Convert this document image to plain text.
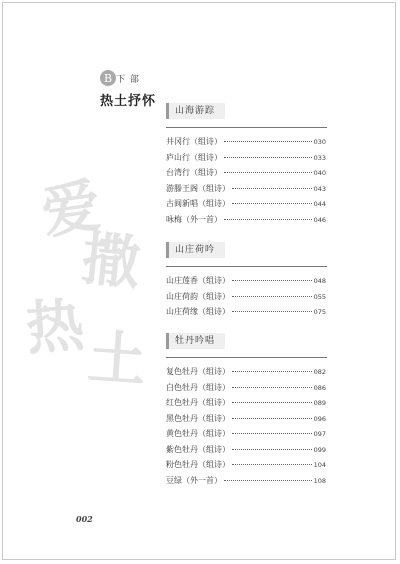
B 下 部
热土抒怀
爱
撒
热 土
山海游踪
井冈行（组诗）	030
庐山行（组诗）	033
台湾行（组诗）	040
游滕王阁（组诗）	043
古阆新唱（组诗）	044
咏梅（外一首）	046
山庄荷吟
山庄莲香（组诗）	048
山庄荷韵（组诗）	055
山庄荷缘（组诗）	075
牡丹吟唱
复色牡丹（组诗）	082
白色牡丹（组诗）	086
红色牡丹（组诗）	089
黑色牡丹（组诗）	096
黄色牡丹（组诗）	097
紫色牡丹（组诗）	099
粉色牡丹（组诗）	104
豆绿（外一首）	108
002
